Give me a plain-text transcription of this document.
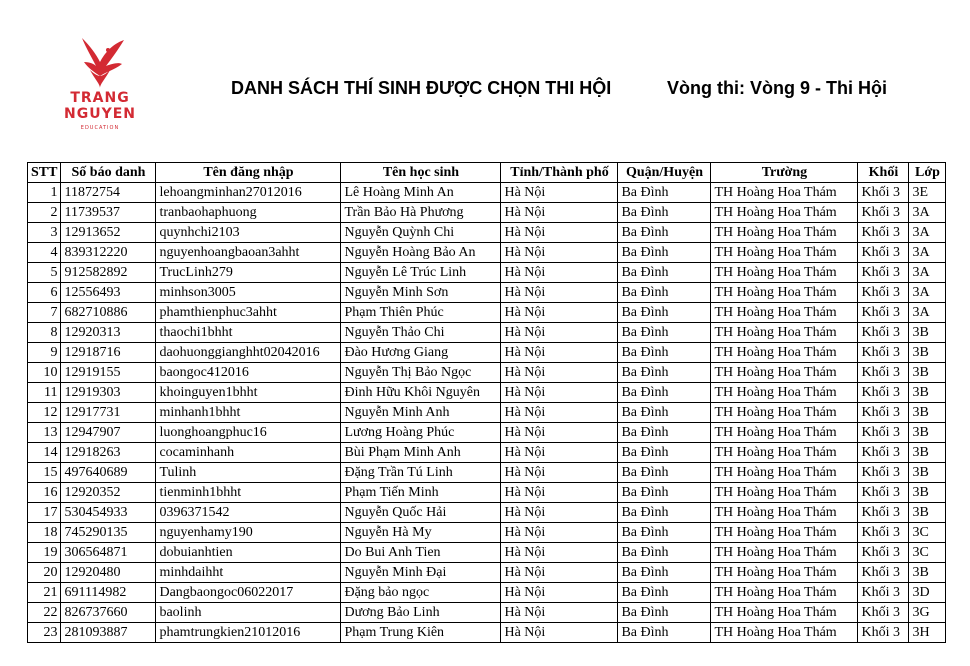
TRANG
NGUYEN
EDUCATION
DANH SÁCH THÍ SINH ĐƯỢC CHỌN THI HỘI	Vòng thi: Vòng 9 - Thi Hội
STT	Số báo danh	Tên đăng nhập	Tên học sinh	Tỉnh/Thành phố	Quận/Huyện	Trường	Khối	Lớp
1	11872754	lehoangminhan27012016	Lê Hoàng Minh An	Hà Nội	Ba Đình	TH Hoàng Hoa Thám	Khối 3	3E
2	11739537	tranbaohaphuong	Trần Bảo Hà Phương	Hà Nội	Ba Đình	TH Hoàng Hoa Thám	Khối 3	3A
3	12913652	quynhchi2103	Nguyễn Quỳnh Chi	Hà Nội	Ba Đình	TH Hoàng Hoa Thám	Khối 3	3A
4	839312220	nguyenhoangbaoan3ahht	Nguyễn Hoàng Bảo An	Hà Nội	Ba Đình	TH Hoàng Hoa Thám	Khối 3	3A
5	912582892	TrucLinh279	Nguyễn Lê Trúc Linh	Hà Nội	Ba Đình	TH Hoàng Hoa Thám	Khối 3	3A
6	12556493	minhson3005	Nguyễn Minh Sơn	Hà Nội	Ba Đình	TH Hoàng Hoa Thám	Khối 3	3A
7	682710886	phamthienphuc3ahht	Phạm Thiên Phúc	Hà Nội	Ba Đình	TH Hoàng Hoa Thám	Khối 3	3A
8	12920313	thaochi1bhht	Nguyễn Thảo Chi	Hà Nội	Ba Đình	TH Hoàng Hoa Thám	Khối 3	3B
9	12918716	daohuonggianghht02042016	Đào Hương Giang	Hà Nội	Ba Đình	TH Hoàng Hoa Thám	Khối 3	3B
10	12919155	baongoc412016	Nguyễn Thị Bảo Ngọc	Hà Nội	Ba Đình	TH Hoàng Hoa Thám	Khối 3	3B
11	12919303	khoinguyen1bhht	Đinh Hữu Khôi Nguyên	Hà Nội	Ba Đình	TH Hoàng Hoa Thám	Khối 3	3B
12	12917731	minhanh1bhht	Nguyễn Minh Anh	Hà Nội	Ba Đình	TH Hoàng Hoa Thám	Khối 3	3B
13	12947907	luonghoangphuc16	Lương Hoàng Phúc	Hà Nội	Ba Đình	TH Hoàng Hoa Thám	Khối 3	3B
14	12918263	cocaminhanh	Bùi Phạm Minh Anh	Hà Nội	Ba Đình	TH Hoàng Hoa Thám	Khối 3	3B
15	497640689	Tulinh	Đặng Trần Tú Linh	Hà Nội	Ba Đình	TH Hoàng Hoa Thám	Khối 3	3B
16	12920352	tienminh1bhht	Phạm Tiến Minh	Hà Nội	Ba Đình	TH Hoàng Hoa Thám	Khối 3	3B
17	530454933	0396371542	Nguyễn Quốc Hải	Hà Nội	Ba Đình	TH Hoàng Hoa Thám	Khối 3	3B
18	745290135	nguyenhamy190	Nguyễn Hà My	Hà Nội	Ba Đình	TH Hoàng Hoa Thám	Khối 3	3C
19	306564871	dobuianhtien	Do Bui Anh Tien	Hà Nội	Ba Đình	TH Hoàng Hoa Thám	Khối 3	3C
20	12920480	minhdaihht	Nguyễn Minh Đại	Hà Nội	Ba Đình	TH Hoàng Hoa Thám	Khối 3	3B
21	691114982	Dangbaongoc06022017	Đặng bảo ngọc	Hà Nội	Ba Đình	TH Hoàng Hoa Thám	Khối 3	3D
22	826737660	baolinh	Dương Bảo Linh	Hà Nội	Ba Đình	TH Hoàng Hoa Thám	Khối 3	3G
23	281093887	phamtrungkien21012016	Phạm Trung Kiên	Hà Nội	Ba Đình	TH Hoàng Hoa Thám	Khối 3	3H
